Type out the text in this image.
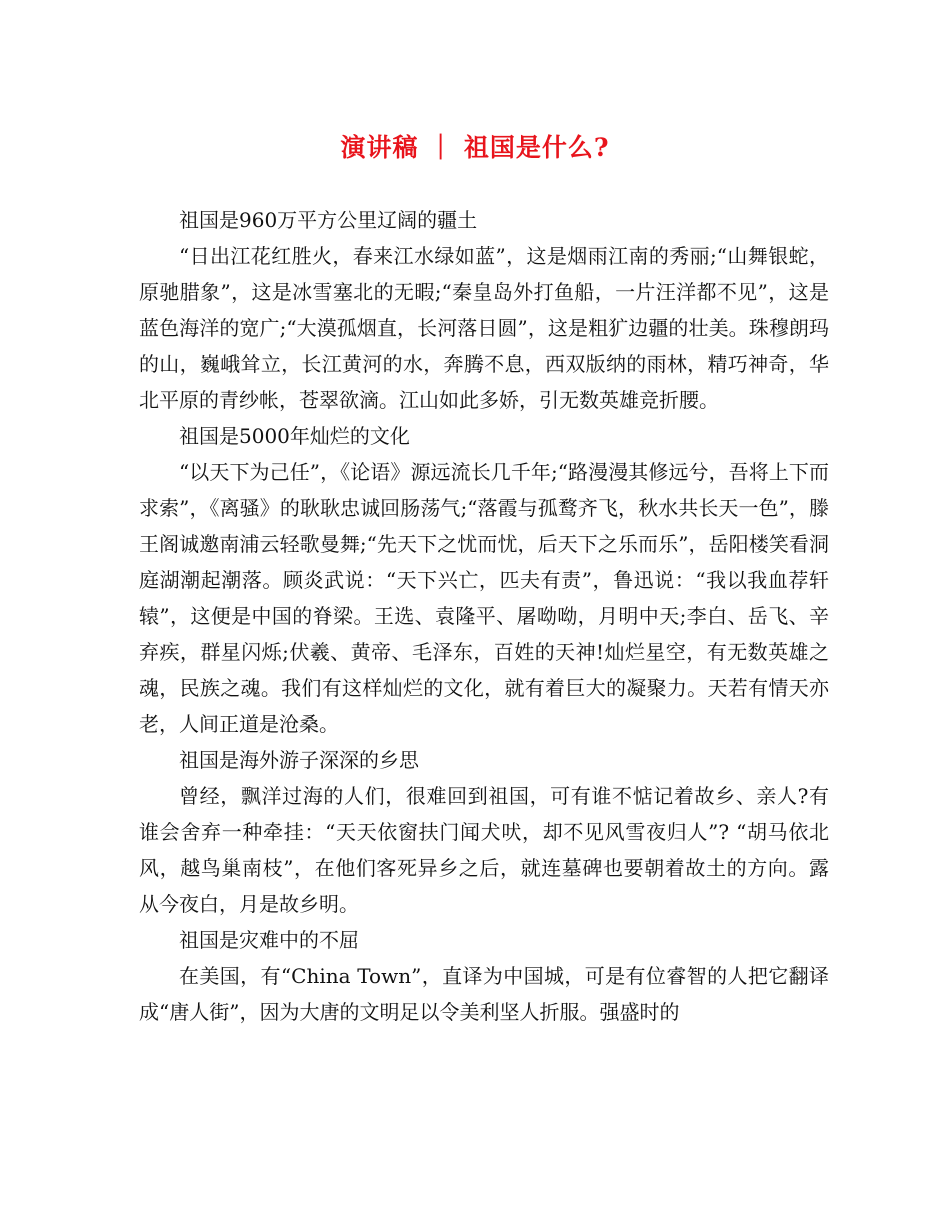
演讲稿 ｜ 祖国是什么?

祖国是960万平方公里辽阔的疆土

“日出江花红胜火，春来江水绿如蓝”，这是烟雨江南的秀丽;“山舞银蛇，原驰腊象”，这是冰雪塞北的无暇;“秦皇岛外打鱼船，一片汪洋都不见”，这是蓝色海洋的宽广;“大漠孤烟直，长河落日圆”，这是粗犷边疆的壮美。珠穆朗玛的山，巍峨耸立，长江黄河的水，奔腾不息，西双版纳的雨林，精巧神奇，华北平原的青纱帐，苍翠欲滴。江山如此多娇，引无数英雄竞折腰。

祖国是5000年灿烂的文化

“以天下为己任”，《论语》源远流长几千年;“路漫漫其修远兮，吾将上下而求索”，《离骚》的耿耿忠诚回肠荡气;“落霞与孤鹜齐飞，秋水共长天一色”，滕王阁诚邀南浦云轻歌曼舞;“先天下之忧而忧，后天下之乐而乐”，岳阳楼笑看洞庭湖潮起潮落。顾炎武说：“天下兴亡，匹夫有责”，鲁迅说：“我以我血荐轩辕”，这便是中国的脊梁。王选、袁隆平、屠呦呦，月明中天;李白、岳飞、辛弃疾，群星闪烁;伏羲、黄帝、毛泽东，百姓的天神!灿烂星空，有无数英雄之魂，民族之魂。我们有这样灿烂的文化，就有着巨大的凝聚力。天若有情天亦老，人间正道是沧桑。

祖国是海外游子深深的乡思

曾经，飘洋过海的人们，很难回到祖国，可有谁不惦记着故乡、亲人?有谁会舍弃一种牵挂：“天天依窗扶门闻犬吠，却不见风雪夜归人”? “胡马依北风，越鸟巢南枝”，在他们客死异乡之后，就连墓碑也要朝着故土的方向。露从今夜白，月是故乡明。

祖国是灾难中的不屈

在美国，有“China Town”，直译为中国城，可是有位睿智的人把它翻译成“唐人街”，因为大唐的文明足以令美利坚人折服。强盛时的
